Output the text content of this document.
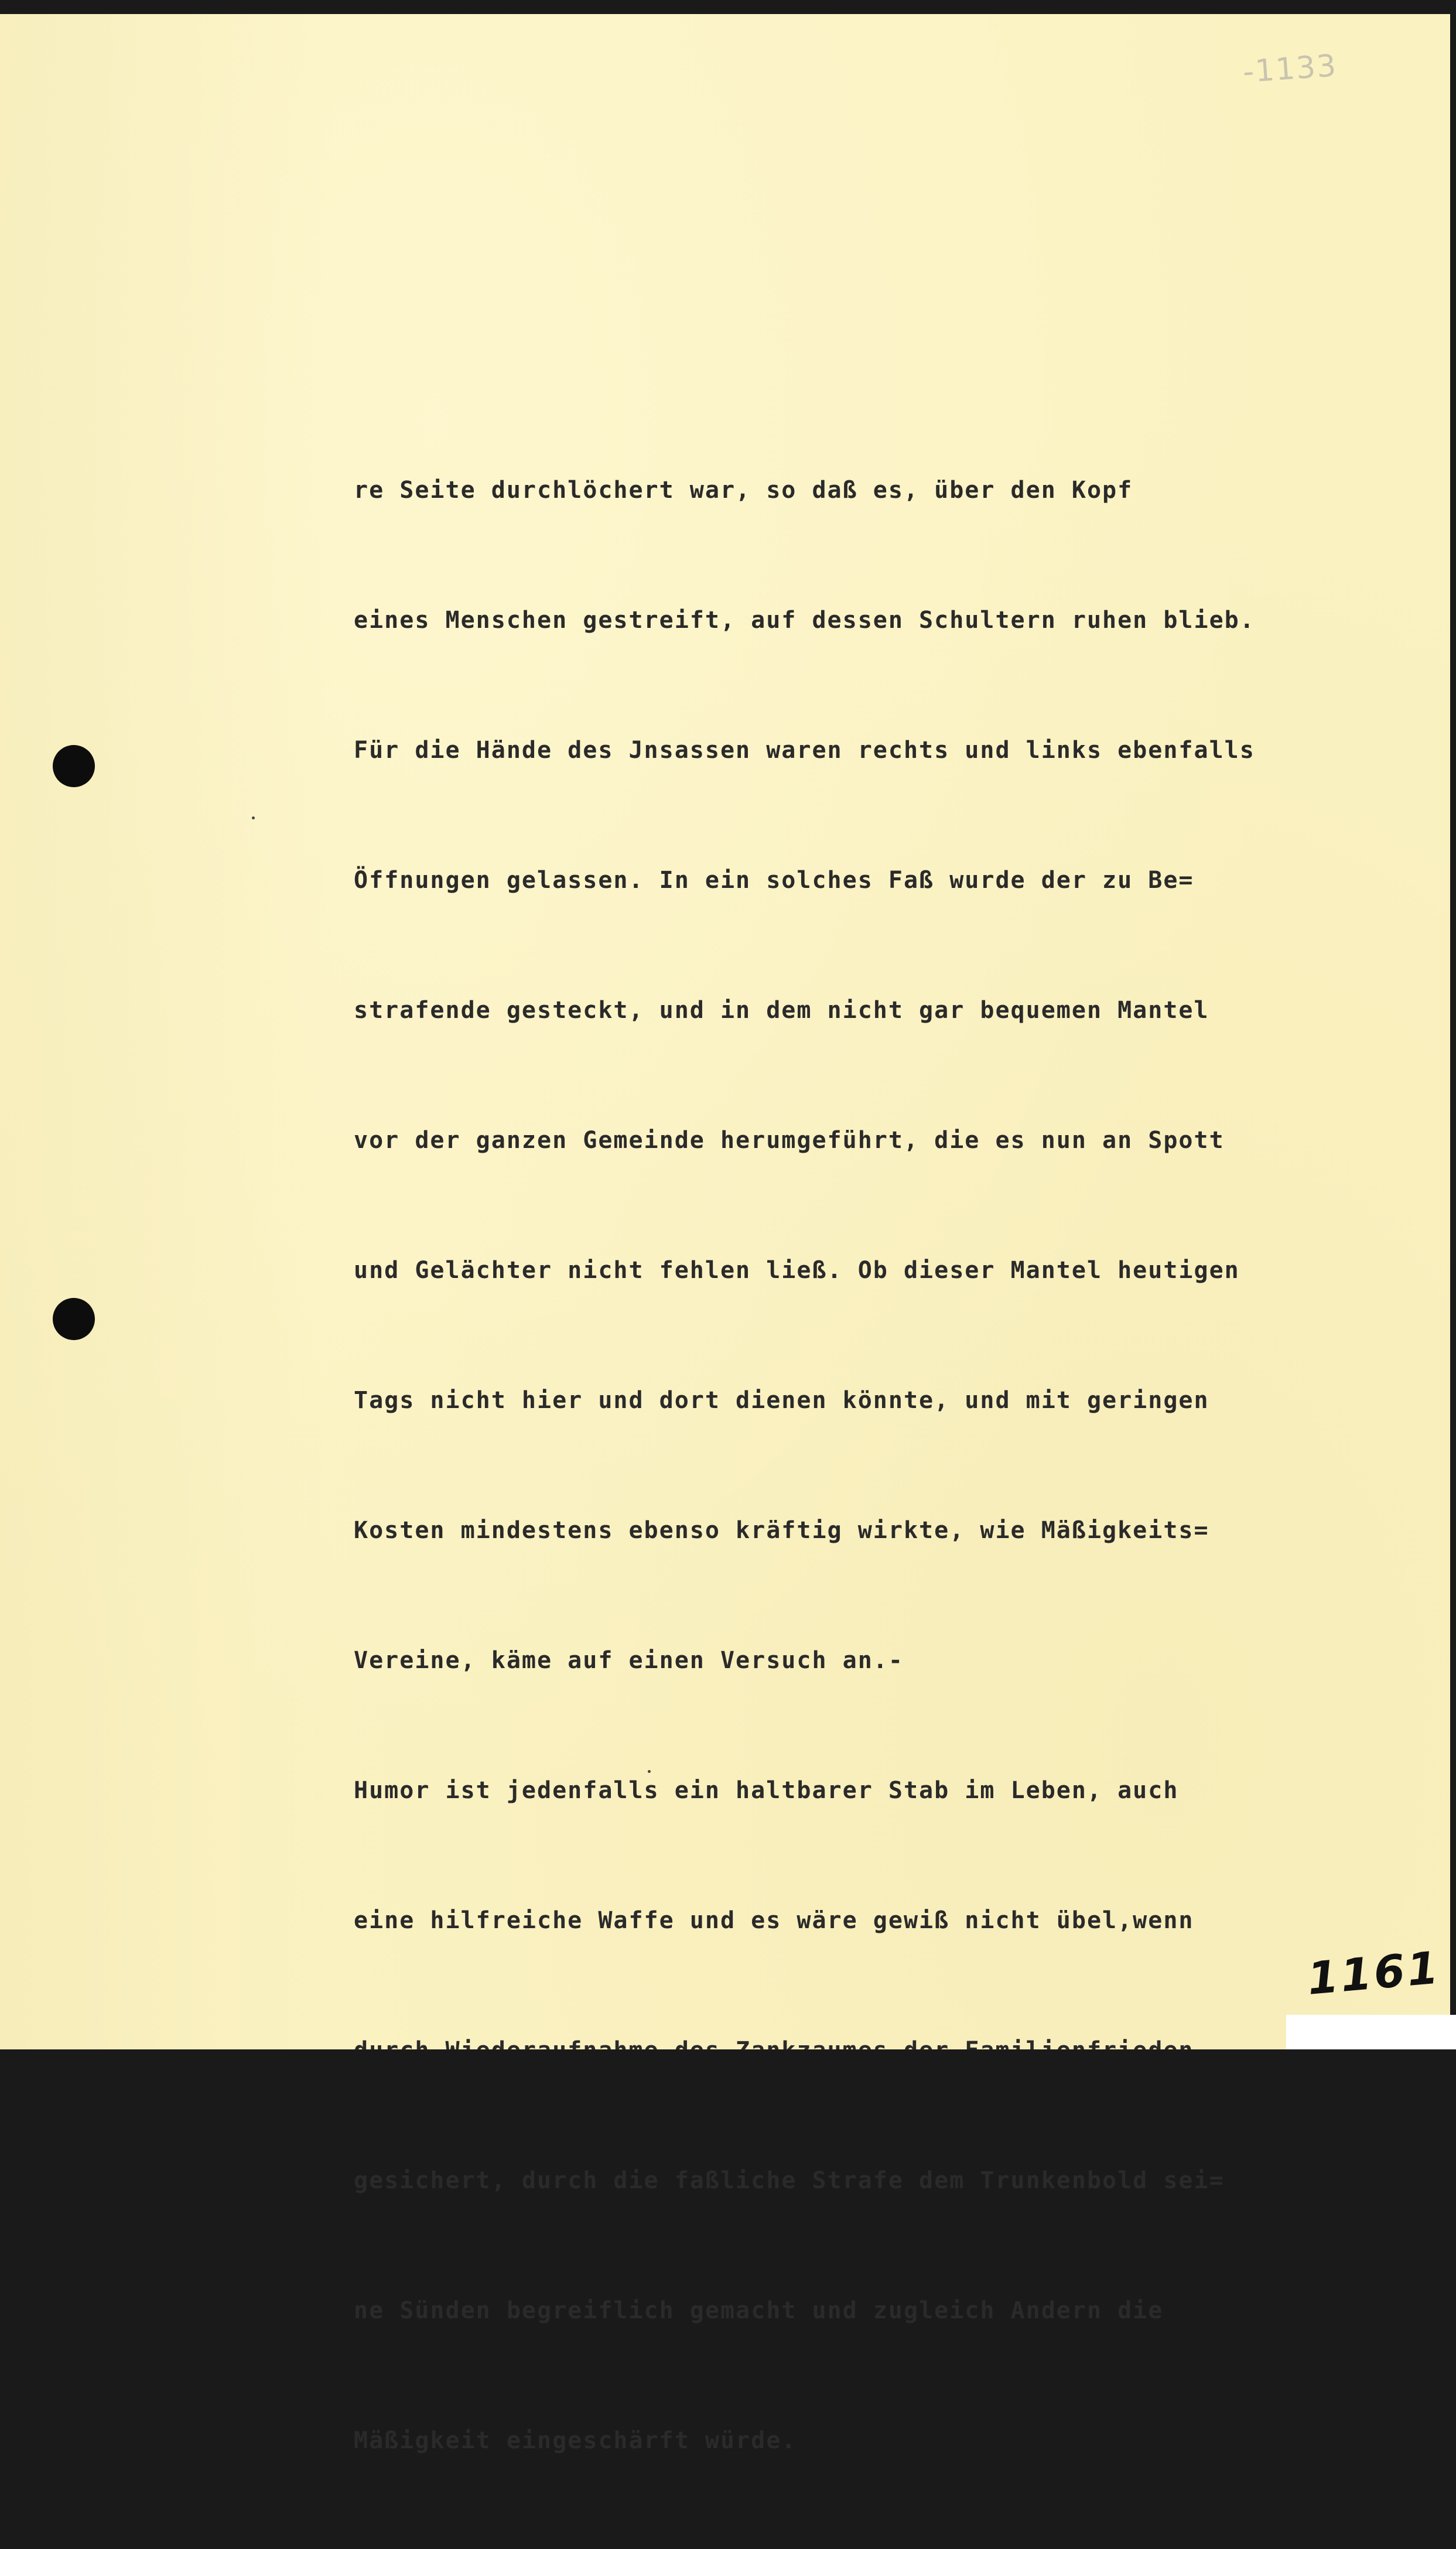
-1133

re Seite durchlöchert war, so daß es, über den Kopf

eines Menschen gestreift, auf dessen Schultern ruhen blieb.

Für die Hände des Jnsassen waren rechts und links ebenfalls

Öffnungen gelassen. In ein solches Faß wurde der zu Be=

strafende gesteckt, und in dem nicht gar bequemen Mantel

vor der ganzen Gemeinde herumgeführt, die es nun an Spott

und Gelächter nicht fehlen ließ. Ob dieser Mantel heutigen

Tags nicht hier und dort dienen könnte, und mit geringen

Kosten mindestens ebenso kräftig wirkte, wie Mäßigkeits=

Vereine, käme auf einen Versuch an.-

Humor ist jedenfalls ein haltbarer Stab im Leben, auch

eine hilfreiche Waffe und es wäre gewiß nicht übel,wenn

gesichert, durch die faßliche Strafe dem Trunkenbold sei=

ne Sünden begreiflich gemacht und zugleich Andern die

Mäßigkeit eingeschärft würde.

1161
